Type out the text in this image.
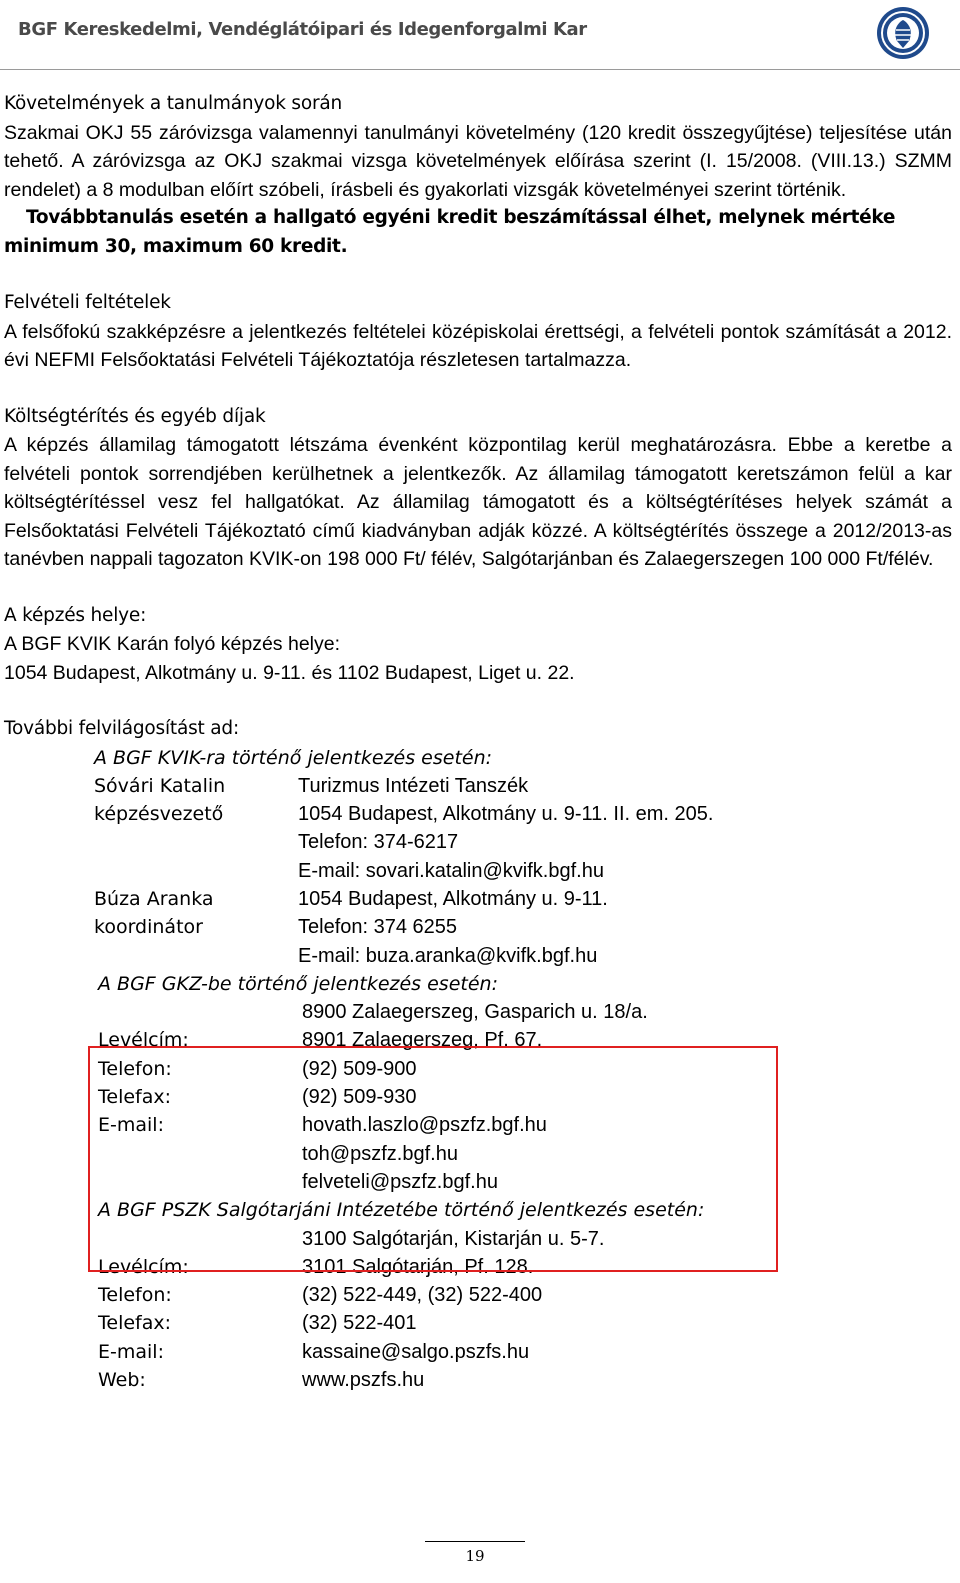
BGF Kereskedelmi, Vendéglátóipari és Idegenforgalmi Kar

Követelmények a tanulmányok során

Szakmai OKJ 55 záróvizsga valamennyi tanulmányi követelmény (120 kredit összegyűjtése) teljesítése után tehető. A záróvizsga az OKJ szakmai vizsga követelmények előírása szerint (I. 15/2008. (VIII.13.) SZMM rendelet) a 8 modulban előírt szóbeli, írásbeli és gyakorlati vizsgák követelményei szerint történik.

Továbbtanulás esetén a hallgató egyéni kredit beszámítással élhet, melynek mértéke minimum 30, maximum 60 kredit.

Felvételi feltételek

A felsőfokú szakképzésre a jelentkezés feltételei középiskolai érettségi, a felvételi pontok számítását a 2012. évi NEFMI Felsőoktatási Felvételi Tájékoztatója részletesen tartalmazza.

Költségtérítés és egyéb díjak

A képzés államilag támogatott létszáma évenként központilag kerül meghatározásra. Ebbe a keretbe a felvételi pontok sorrendjében kerülhetnek a jelentkezők. Az államilag támogatott keretszámon felül a kar költségtérítéssel vesz fel hallgatókat. Az államilag támogatott és a költségtérítéses helyek számát a Felsőoktatási Felvételi Tájékoztató című kiadványban adják közzé. A költségtérítés összege a 2012/2013-as tanévben nappali tagozaton KVIK-on 198 000 Ft/ félév, Salgótarjánban és Zalaegerszegen 100 000 Ft/félév.

A képzés helye:

A BGF KVIK Karán folyó képzés helye:

1054 Budapest, Alkotmány u. 9-11. és 1102 Budapest, Liget u. 22.

További felvilágosítást ad:

A BGF KVIK-ra történő jelentkezés esetén:
Sóvári Katalin	Turizmus Intézeti Tanszék
képzésvezető	1054 Budapest, Alkotmány u. 9-11. II. em. 205.
Telefon: 374-6217
E-mail: sovari.katalin@kvifk.bgf.hu
Búza Aranka	1054 Budapest, Alkotmány u. 9-11.
koordinátor	Telefon: 374 6255
E-mail: buza.aranka@kvifk.bgf.hu
A BGF GKZ-be történő jelentkezés esetén:
8900 Zalaegerszeg, Gasparich u. 18/a.
Levélcím:	8901 Zalaegerszeg, Pf. 67.
Telefon:	(92) 509-900
Telefax:	(92) 509-930
E-mail:	hovath.laszlo@pszfz.bgf.hu
toh@pszfz.bgf.hu
felveteli@pszfz.bgf.hu
A BGF PSZK Salgótarjáni Intézetébe történő jelentkezés esetén:
3100 Salgótarján, Kistarján u. 5-7.
Levélcím:	3101 Salgótarján, Pf. 128.
Telefon:	(32) 522-449, (32) 522-400
Telefax:	(32) 522-401
E-mail:	kassaine@salgo.pszfs.hu
Web:	www.pszfs.hu
19
